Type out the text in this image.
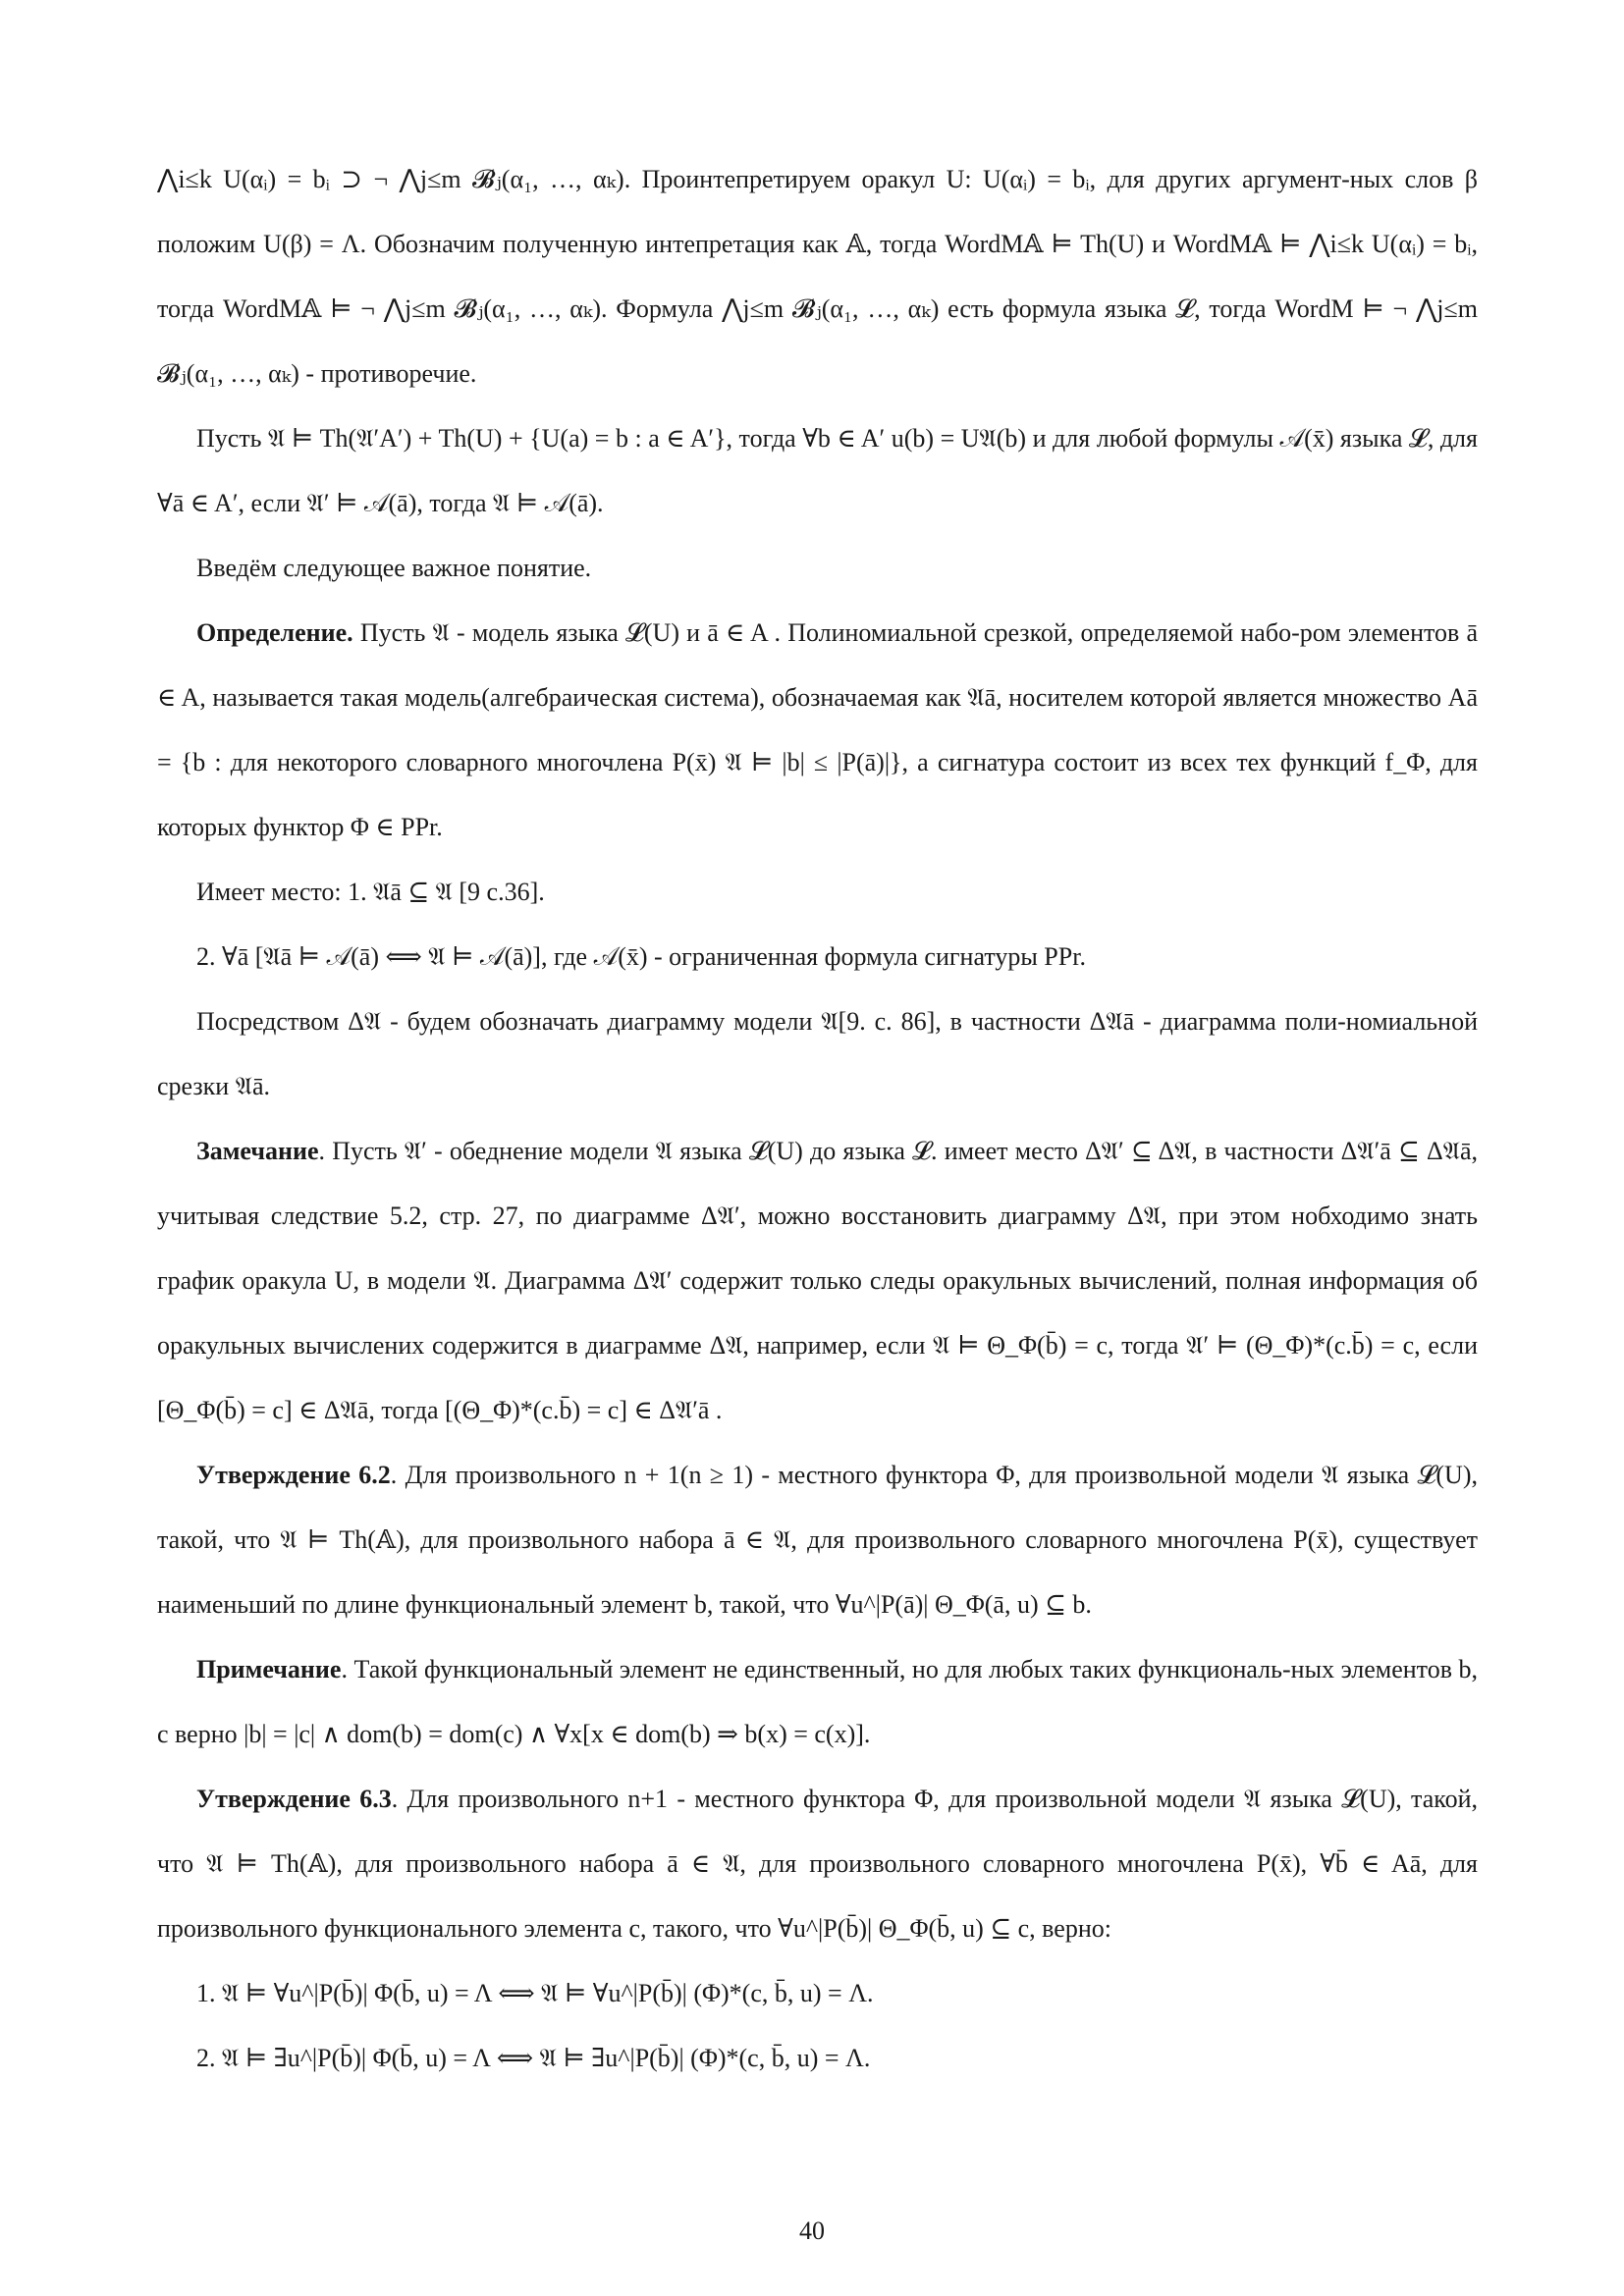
⋀i≤k U(αᵢ) = bᵢ ⊃ ¬ ⋀j≤m 𝓑ⱼ(α₁, …, αₖ). Проинтепретируем оракул U: U(αᵢ) = bᵢ, для других аргумент-ных слов β положим U(β) = Λ. Обозначим полученную интепретация как 𝔸, тогда WordM𝔸 ⊨ Th(U) и WordM𝔸 ⊨ ⋀i≤k U(αᵢ) = bᵢ, тогда WordM𝔸 ⊨ ¬ ⋀j≤m 𝓑ⱼ(α₁, …, αₖ). Формула ⋀j≤m 𝓑ⱼ(α₁, …, αₖ) есть формула языка 𝓛, тогда WordM ⊨ ¬ ⋀j≤m 𝓑ⱼ(α₁, …, αₖ) - противоречие.

Пусть 𝔄 ⊨ Th(𝔄′A′) + Th(U) + {U(a) = b : a ∈ A′}, тогда ∀b ∈ A′ u(b) = U𝔄(b) и для любой формулы 𝒜(x̄) языка 𝓛, для ∀ā ∈ A′, если 𝔄′ ⊨ 𝒜(ā), тогда 𝔄 ⊨ 𝒜(ā).

Введём следующее важное понятие.

Определение. Пусть 𝔄 - модель языка 𝓛(U) и ā ∈ A . Полиномиальной срезкой, определяемой набо-ром элементов ā ∈ A, называется такая модель(алгебраическая система), обозначаемая как 𝔄ā, носителем которой является множество Aā = {b : для некоторого словарного многочлена P(x̄) 𝔄 ⊨ |b| ≤ |P(ā)|}, а сигнатура состоит из всех тех функций f_Φ, для которых функтор Φ ∈ PPr.

Имеет место: 1. 𝔄ā ⊆ 𝔄 [9 c.36].

2. ∀ā [𝔄ā ⊨ 𝒜(ā) ⟺ 𝔄 ⊨ 𝒜(ā)], где 𝒜(x̄) - ограниченная формула сигнатуры PPr.

Посредством Δ𝔄 - будем обозначать диаграмму модели 𝔄[9. с. 86], в частности Δ𝔄ā - диаграмма поли-номиальной срезки 𝔄ā.

Замечание. Пусть 𝔄′ - обеднение модели 𝔄 языка 𝓛(U) до языка 𝓛. имеет место Δ𝔄′ ⊆ Δ𝔄, в частности Δ𝔄′ā ⊆ Δ𝔄ā, учитывая следствие 5.2, стр. 27, по диаграмме Δ𝔄′, можно восстановить диаграмму Δ𝔄, при этом нобходимо знать график оракула U, в модели 𝔄. Диаграмма Δ𝔄′ содержит только следы оракульных вычислений, полная информация об оракульных вычислених содержится в диаграмме Δ𝔄, например, если 𝔄 ⊨ Θ_Φ(b̄) = c, тогда 𝔄′ ⊨ (Θ_Φ)*(c.b̄) = c, если [Θ_Φ(b̄) = c] ∈ Δ𝔄ā, тогда [(Θ_Φ)*(c.b̄) = c] ∈ Δ𝔄′ā .

Утверждение 6.2. Для произвольного n + 1(n ≥ 1) - местного функтора Φ, для произвольной модели 𝔄 языка 𝓛(U), такой, что 𝔄 ⊨ Th(𝔸), для произвольного набора ā ∈ 𝔄, для произвольного словарного многочлена P(x̄), существует наименьший по длине функциональный элемент b, такой, что ∀u^|P(ā)| Θ_Φ(ā, u) ⊆ b.

Примечание. Такой функциональный элемент не единственный, но для любых таких функциональ-ных элементов b, c верно |b| = |c| ∧ dom(b) = dom(c) ∧ ∀x[x ∈ dom(b) ⇒ b(x) = c(x)].

Утверждение 6.3. Для произвольного n+1 - местного функтора Φ, для произвольной модели 𝔄 языка 𝓛(U), такой, что 𝔄 ⊨ Th(𝔸), для произвольного набора ā ∈ 𝔄, для произвольного словарного многочлена P(x̄), ∀b̄ ∈ Aā, для произвольного функционального элемента c, такого, что ∀u^|P(b̄)| Θ_Φ(b̄, u) ⊆ c, верно:

1. 𝔄 ⊨ ∀u^|P(b̄)| Φ(b̄, u) = Λ ⟺ 𝔄 ⊨ ∀u^|P(b̄)| (Φ)*(c, b̄, u) = Λ.

2. 𝔄 ⊨ ∃u^|P(b̄)| Φ(b̄, u) = Λ ⟺ 𝔄 ⊨ ∃u^|P(b̄)| (Φ)*(c, b̄, u) = Λ.

40
